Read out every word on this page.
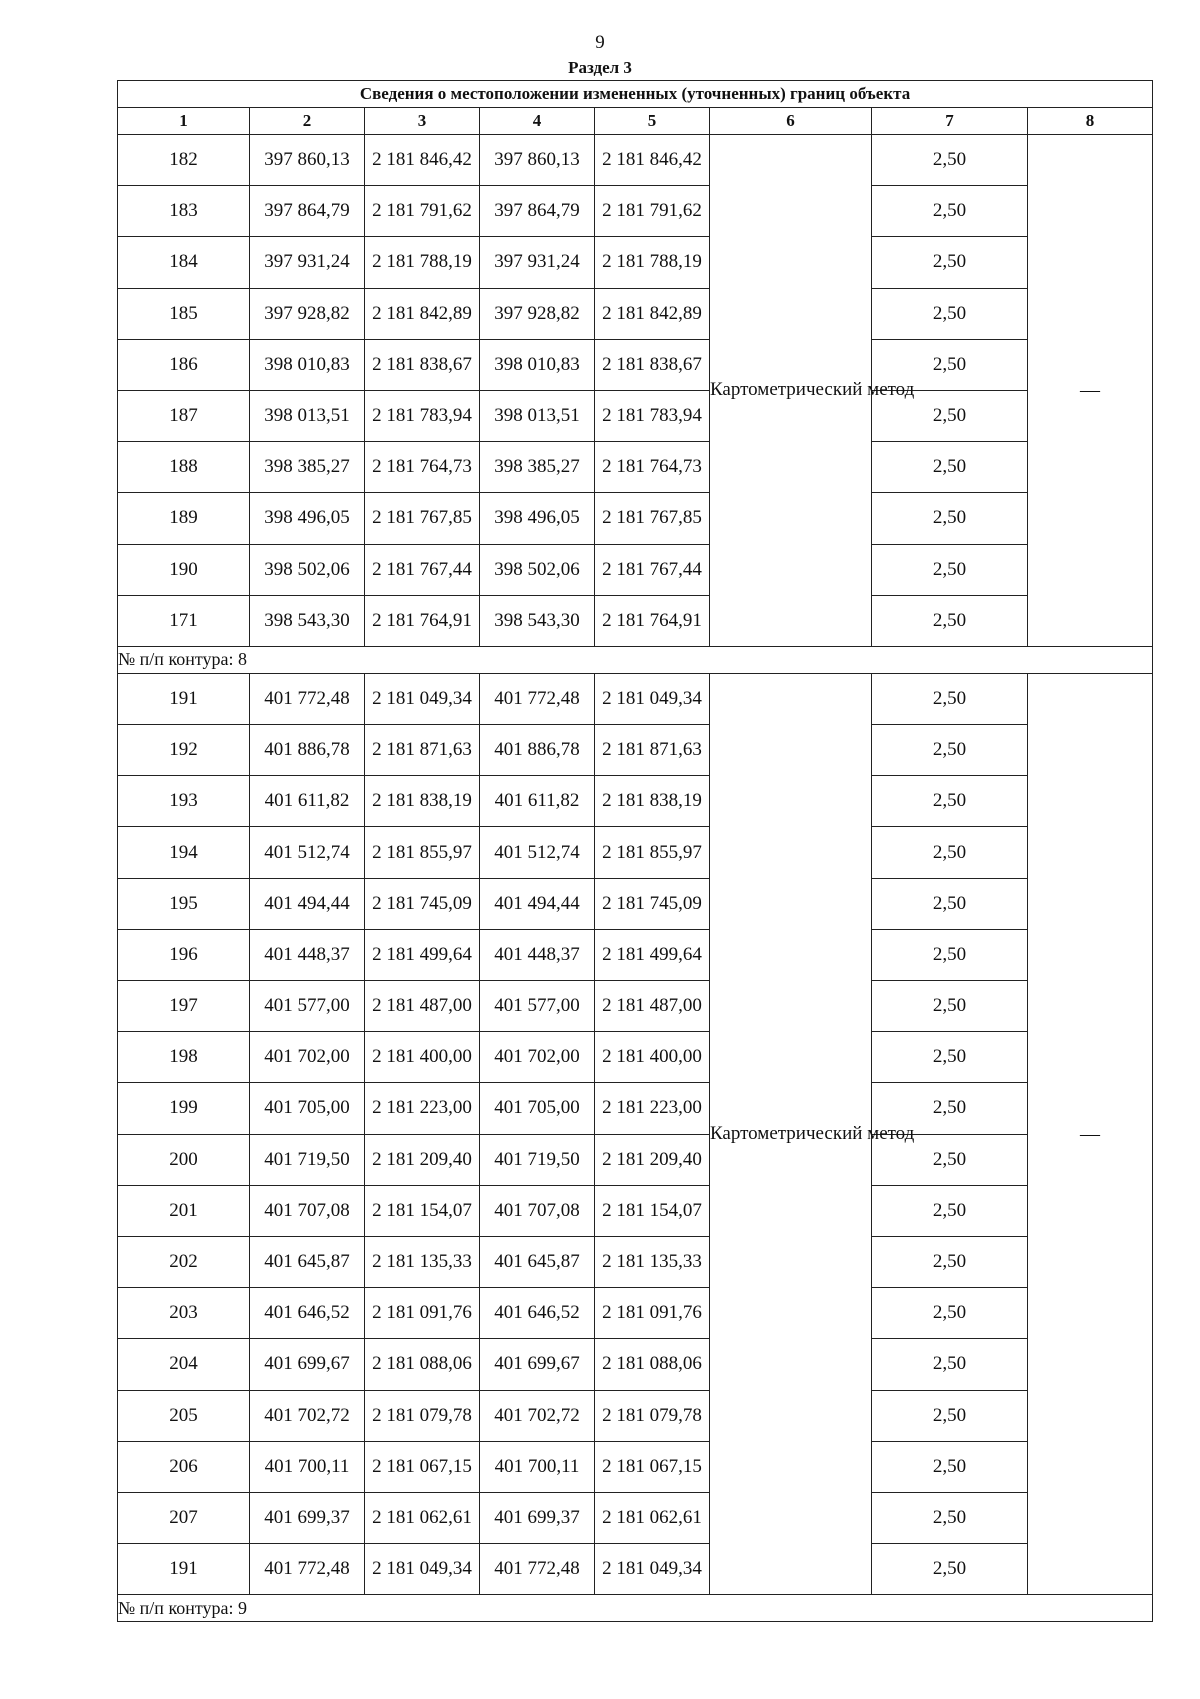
9
Раздел 3
Сведения о местоположении измененных (уточненных) границ объекта							
1	2	3	4	5	6	7	8
182	397 860,13	2 181 846,42	397 860,13	2 181 846,42	Картометрический метод	2,50	—
183	397 864,79	2 181 791,62	397 864,79	2 181 791,62		2,50	
184	397 931,24	2 181 788,19	397 931,24	2 181 788,19		2,50	
185	397 928,82	2 181 842,89	397 928,82	2 181 842,89		2,50	
186	398 010,83	2 181 838,67	398 010,83	2 181 838,67		2,50	
187	398 013,51	2 181 783,94	398 013,51	2 181 783,94		2,50	
188	398 385,27	2 181 764,73	398 385,27	2 181 764,73		2,50	
189	398 496,05	2 181 767,85	398 496,05	2 181 767,85		2,50	
190	398 502,06	2 181 767,44	398 502,06	2 181 767,44		2,50	
171	398 543,30	2 181 764,91	398 543,30	2 181 764,91		2,50	
№ п/п контура: 8							
191	401 772,48	2 181 049,34	401 772,48	2 181 049,34	Картометрический метод	2,50	—
192	401 886,78	2 181 871,63	401 886,78	2 181 871,63		2,50	
193	401 611,82	2 181 838,19	401 611,82	2 181 838,19		2,50	
194	401 512,74	2 181 855,97	401 512,74	2 181 855,97		2,50	
195	401 494,44	2 181 745,09	401 494,44	2 181 745,09		2,50	
196	401 448,37	2 181 499,64	401 448,37	2 181 499,64		2,50	
197	401 577,00	2 181 487,00	401 577,00	2 181 487,00		2,50	
198	401 702,00	2 181 400,00	401 702,00	2 181 400,00		2,50	
199	401 705,00	2 181 223,00	401 705,00	2 181 223,00		2,50	
200	401 719,50	2 181 209,40	401 719,50	2 181 209,40		2,50	
201	401 707,08	2 181 154,07	401 707,08	2 181 154,07		2,50	
202	401 645,87	2 181 135,33	401 645,87	2 181 135,33		2,50	
203	401 646,52	2 181 091,76	401 646,52	2 181 091,76		2,50	
204	401 699,67	2 181 088,06	401 699,67	2 181 088,06		2,50	
205	401 702,72	2 181 079,78	401 702,72	2 181 079,78		2,50	
206	401 700,11	2 181 067,15	401 700,11	2 181 067,15		2,50	
207	401 699,37	2 181 062,61	401 699,37	2 181 062,61		2,50	
191	401 772,48	2 181 049,34	401 772,48	2 181 049,34		2,50	
№ п/п контура: 9							
